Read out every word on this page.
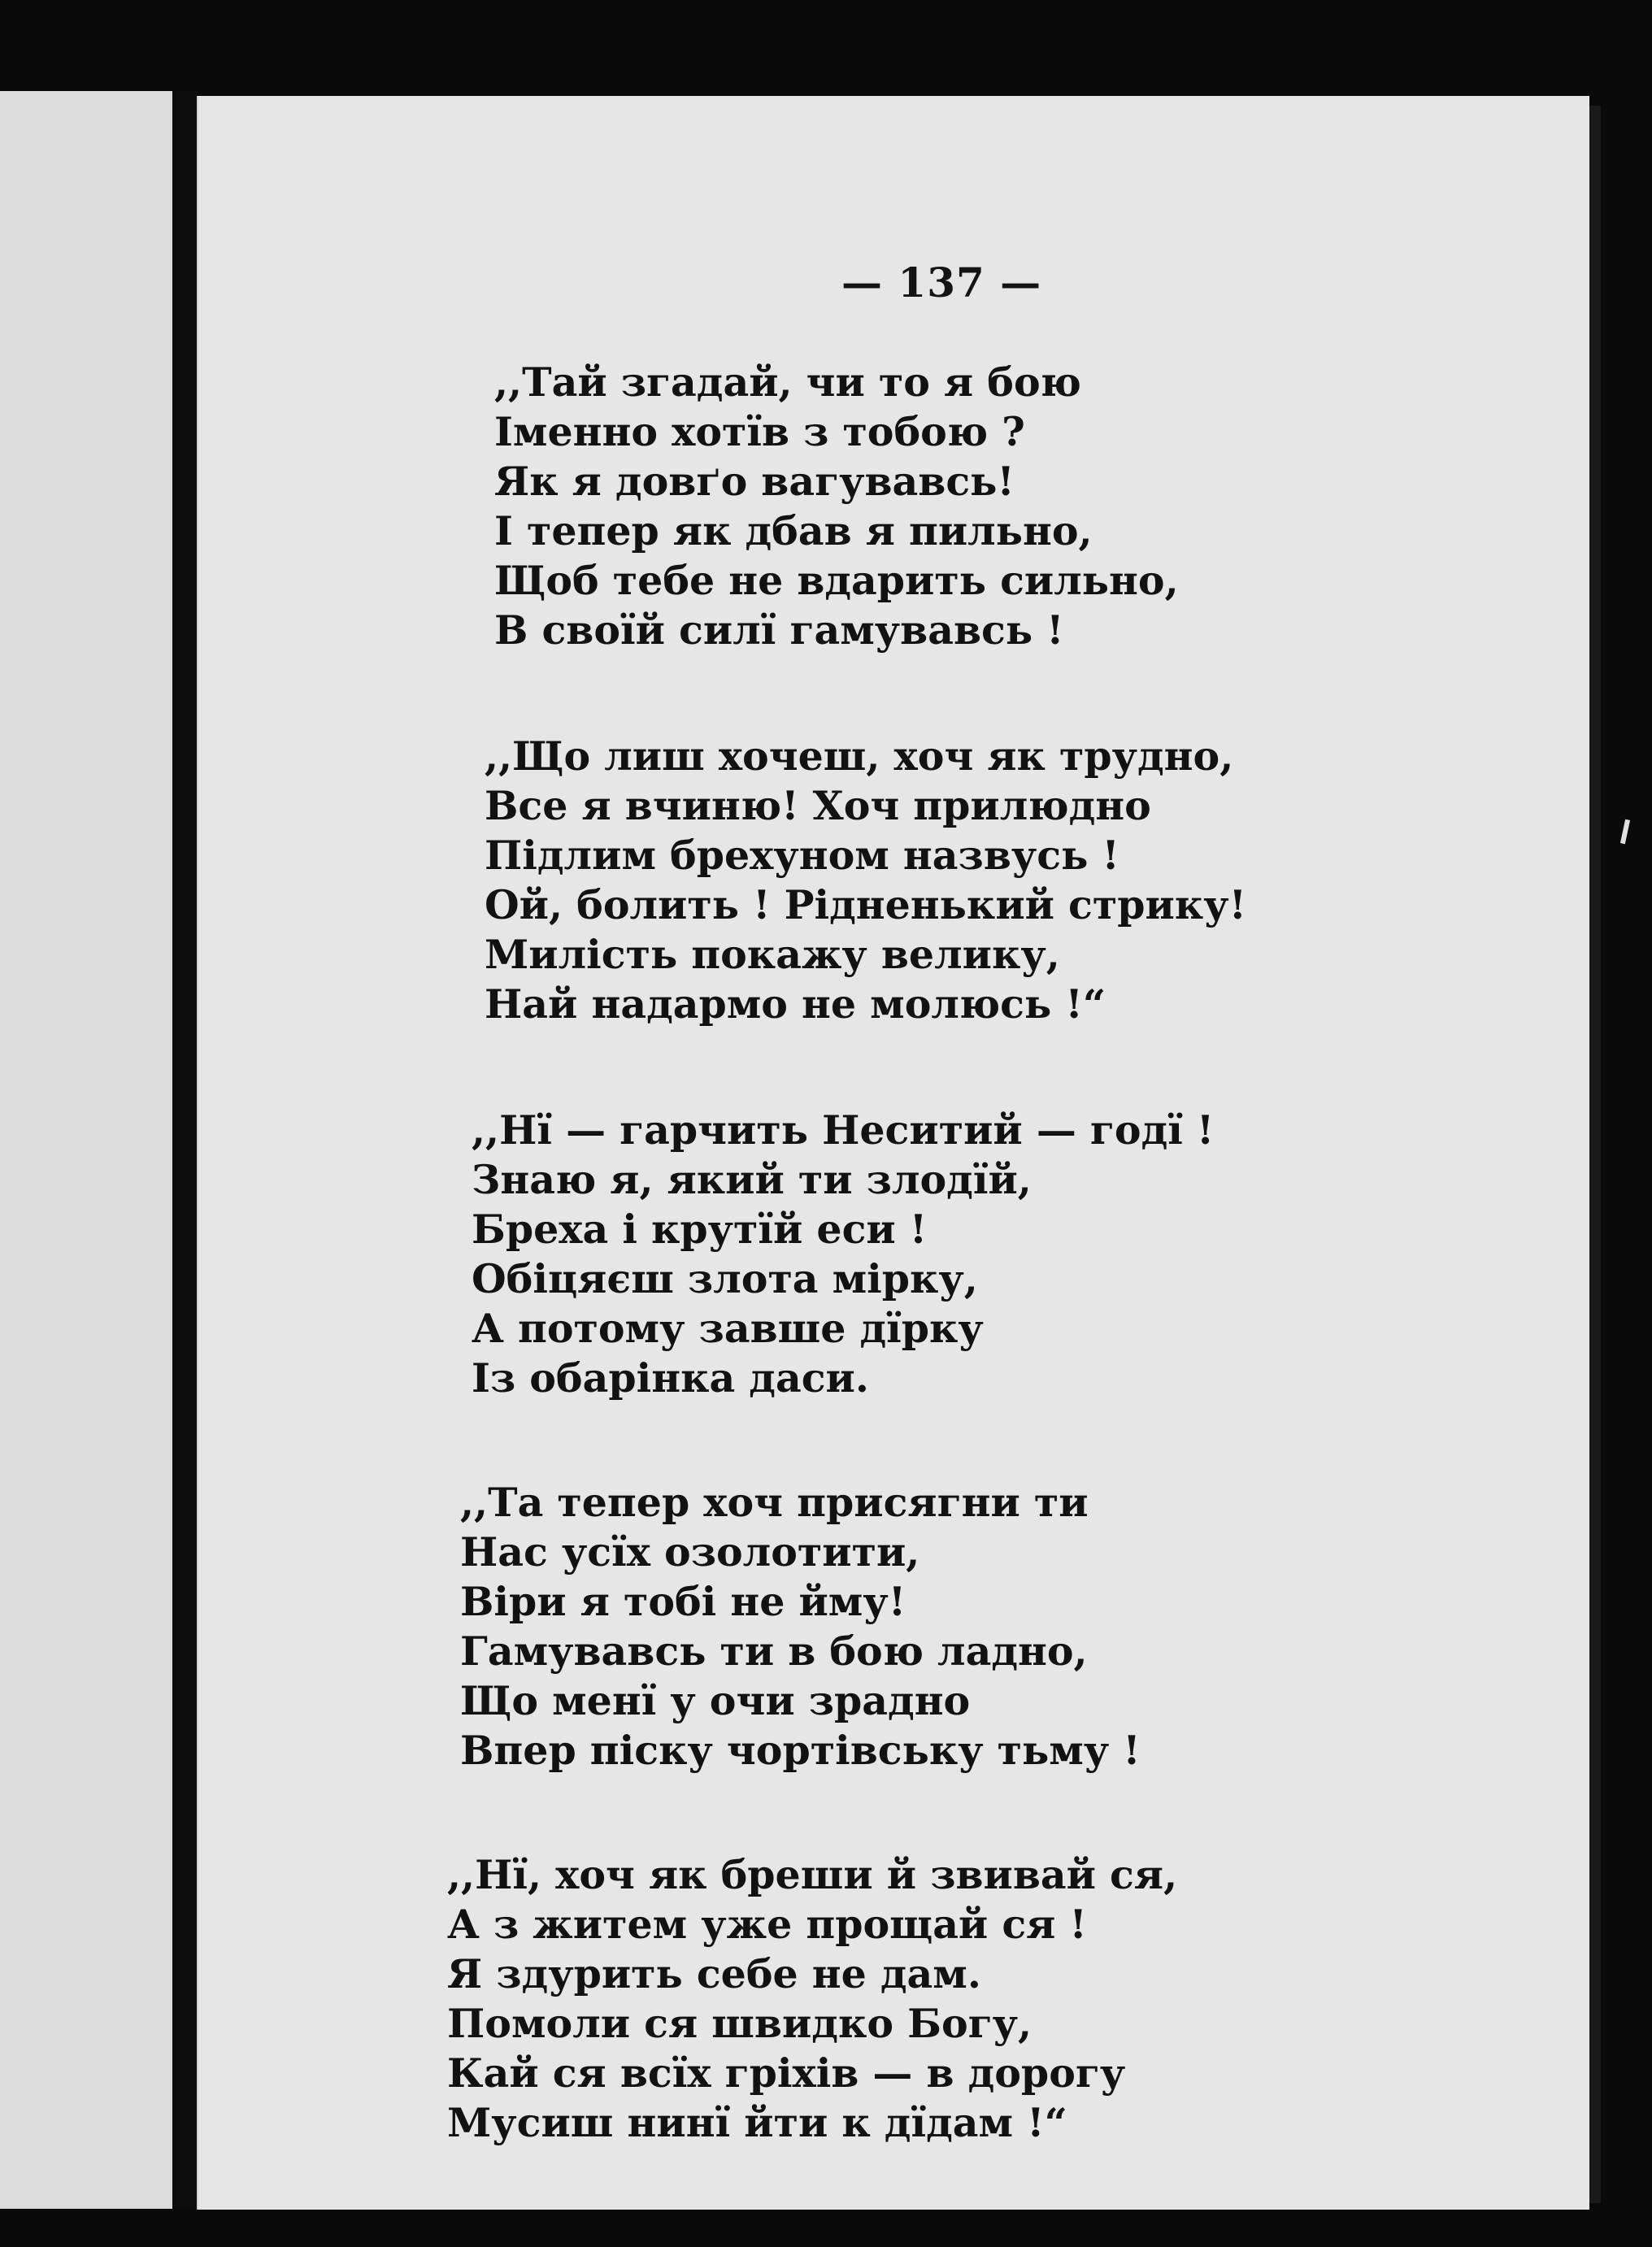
— 137 —

,,Тай згадай, чи то я бою
Іменно хотїв з тобою ?
Як я довґо вагувавсь!
І тепер як дбав я пильно,
Щоб тебе не вдарить сильно,
В своїй силї гамувавсь !

,,Що лиш хочеш, хоч як трудно,
Все я вчиню! Хоч прилюдно
Підлим брехуном назвусь !
Ой, болить ! Рідненький стрику!
Милість покажу велику,
Най надармо не молюсь !“

,,Нї — гарчить Неситий — годї !
Знаю я, який ти злодїй,
Бреха і крутїй еси !
Обіцяєш злота мірку,
А потому завше дїрку
Із обарінка даси.

,,Та тепер хоч присягни ти
Нас усїх озолотити,
Віри я тобі не йму!
Гамувавсь ти в бою ладно,
Що менї у очи зрадно
Впер піску чортівську тьму !

,,Нї, хоч як бреши й звивай ся,
А з житем уже прощай ся !
Я здурить себе не дам.
Помоли ся швидко Богу,
Кай ся всїх гріхів — в дорогу
Мусиш нинї йти к дїдам !“
